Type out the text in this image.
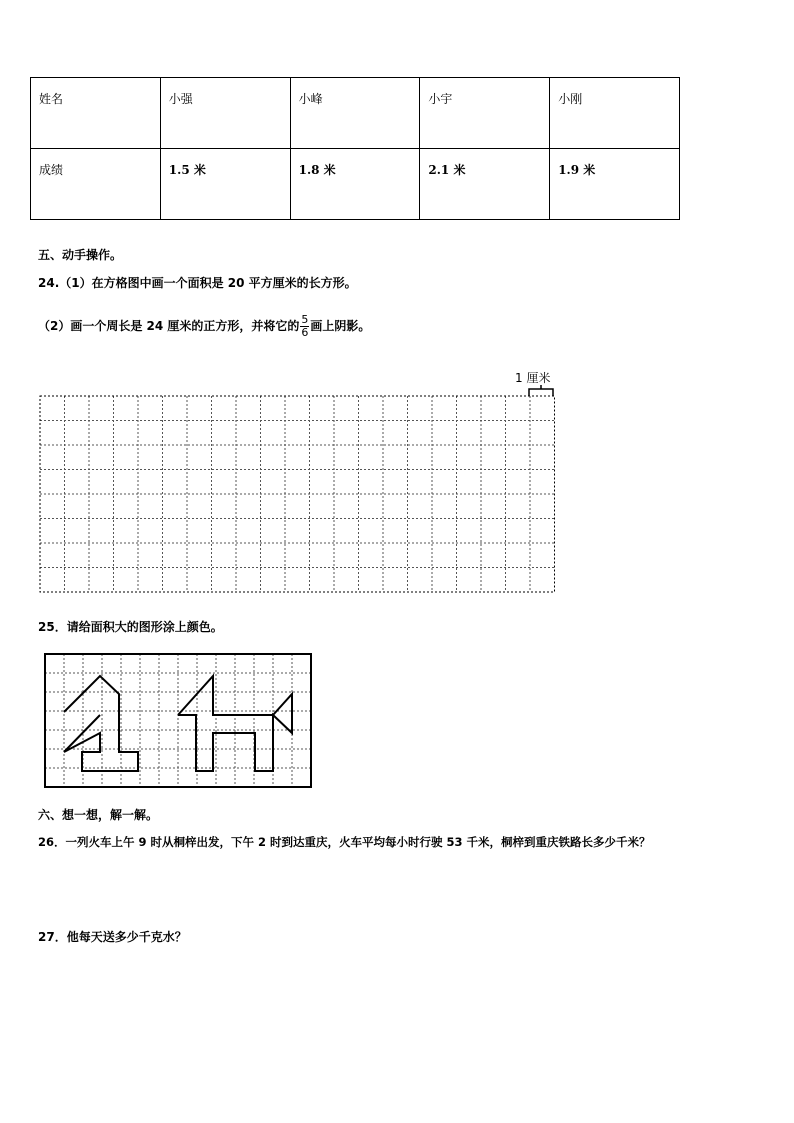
姓名	小强	小峰	小宇	小刚
成绩	1.5 米	1.8 米	2.1 米	1.9 米
五、动手操作。
24.（1）在方格图中画一个面积是 20 平方厘米的长方形。
（2）画一个周长是 24 厘米的正方形，并将它的 $\frac{5}{6}$ 画上阴影。
1 厘米
25．请给面积大的图形涂上颜色。
六、想一想，解一解。
26．一列火车上午 9 时从桐梓出发，下午 2 时到达重庆，火车平均每小时行驶 53 千米，桐梓到重庆铁路长多少千米？
27．他每天送多少千克水？
